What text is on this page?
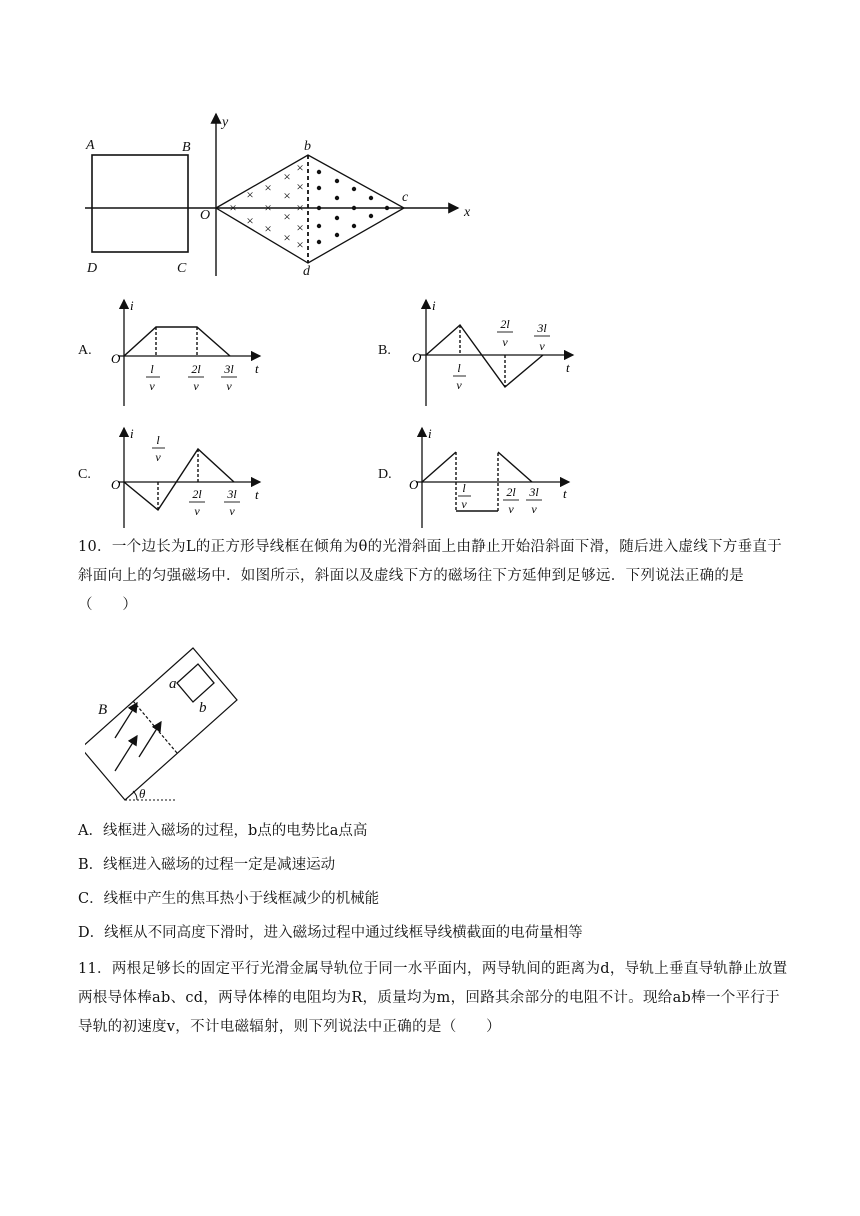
×
×
×
×
×
×
×
×
×
×
×
×
×
×
×
A	B
C
D
y
x
O
b
c
d
A.
i
O
t
l
v
2l
v
3l
v
B.
i
O
t
l
v
2l
v
3l
v
C.
i
O
t
l
v
2l
v
3l
v
D.
i
O
t
l
v
2l
v
3l
v
10．一个边长为L的正方形导线框在倾角为θ的光滑斜面上由静止开始沿斜面下滑，随后进入虚线下方垂直于斜面向上的匀强磁场中．如图所示，斜面以及虚线下方的磁场往下方延伸到足够远．下列说法正确的是（　　）
a
b
B
θ
A．线框进入磁场的过程，b点的电势比a点高
B．线框进入磁场的过程一定是减速运动
C．线框中产生的焦耳热小于线框减少的机械能
D．线框从不同高度下滑时，进入磁场过程中通过线框导线横截面的电荷量相等
11．两根足够长的固定平行光滑金属导轨位于同一水平面内，两导轨间的距离为d，导轨上垂直导轨静止放置两根导体棒ab、cd，两导体棒的电阻均为R，质量均为m，回路其余部分的电阻不计。现给ab棒一个平行于导轨的初速度v，不计电磁辐射，则下列说法中正确的是（　　）
